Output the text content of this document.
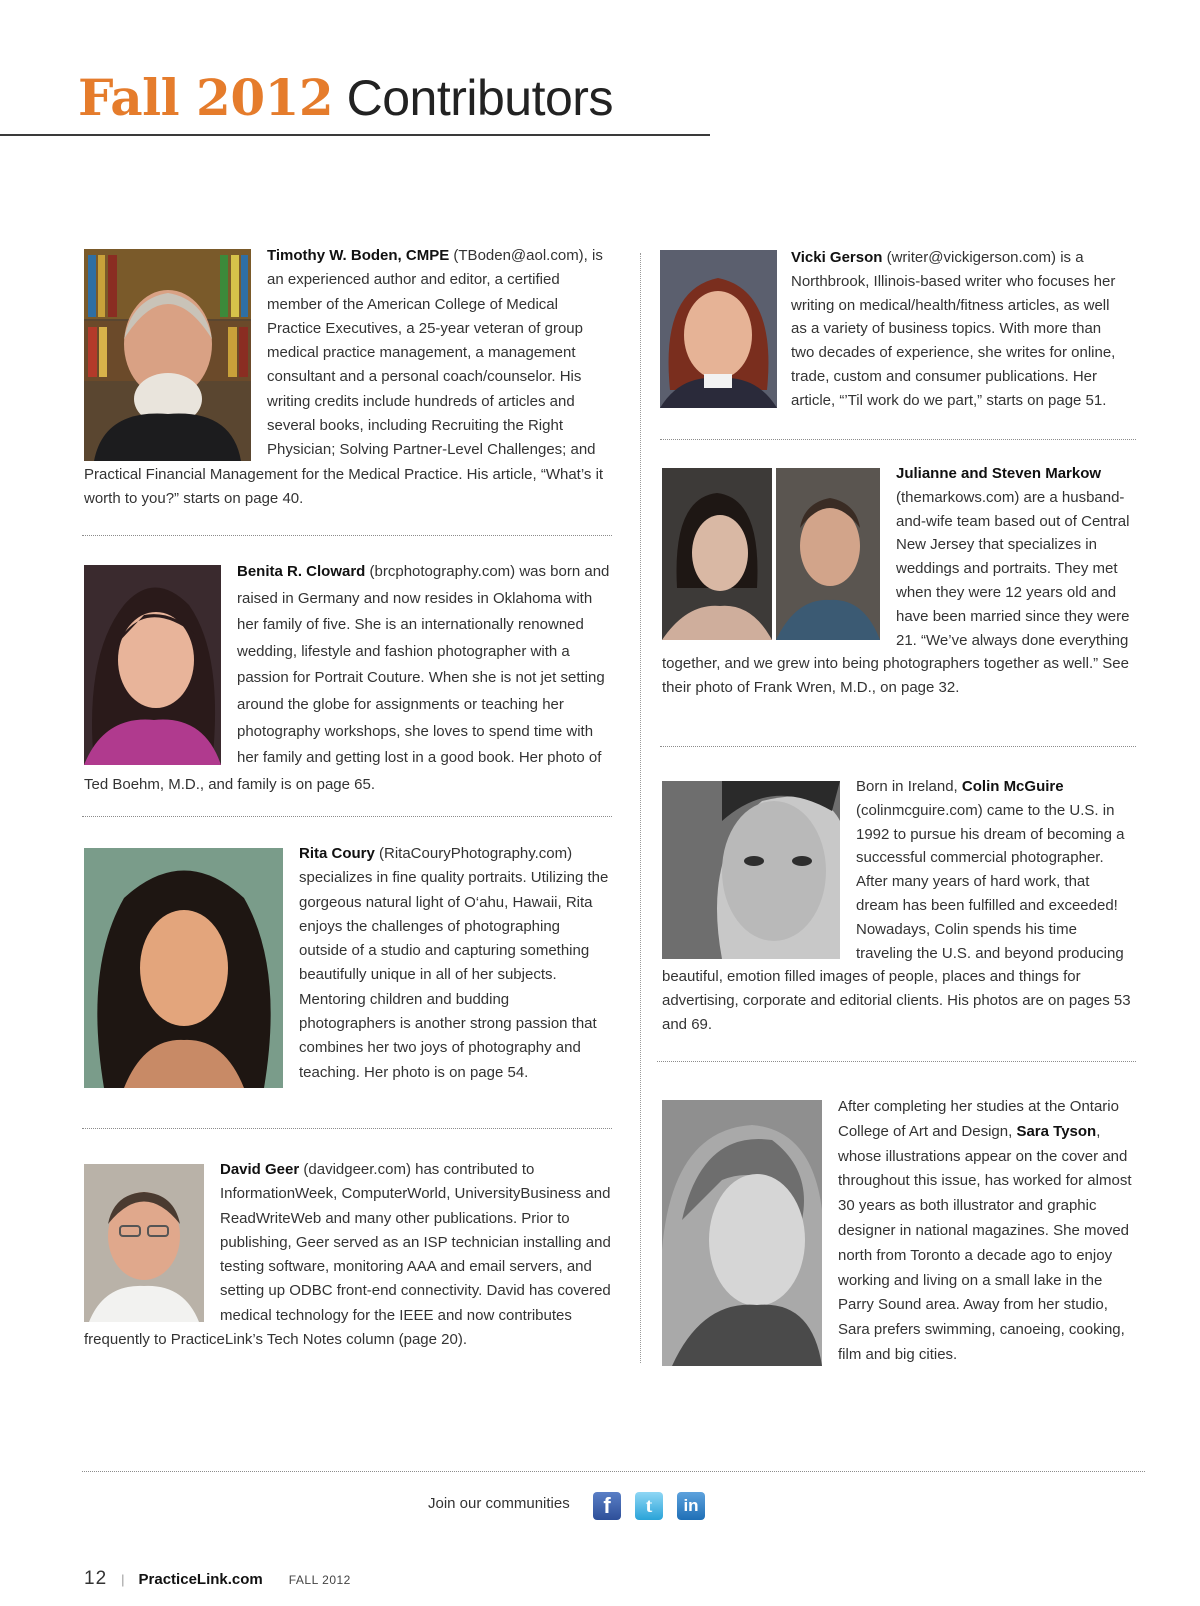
Fall 2012 Contributors

Timothy W. Boden, CMPE (TBoden@aol.com), is an experienced author and editor, a certified member of the American College of Medical Practice Executives, a 25-year veteran of group medical practice management, a management consultant and a personal coach/counselor. His writing credits include hundreds of articles and several books, including Recruiting the Right Physician; Solving Partner-Level Challenges; and Practical Financial Management for the Medical Practice. His article, “What’s it worth to you?” starts on page 40.

Benita R. Cloward (brcphotography.com) was born and raised in Germany and now resides in Oklahoma with her family of five. She is an internationally renowned wedding, lifestyle and fashion photographer with a passion for Portrait Couture. When she is not jet setting around the globe for assignments or teaching her photography workshops, she loves to spend time with her family and getting lost in a good book. Her photo of Ted Boehm, M.D., and family is on page 65.

Rita Coury (RitaCouryPhotography.com) specializes in fine quality portraits. Utilizing the gorgeous natural light of O‘ahu, Hawaii, Rita enjoys the challenges of photographing outside of a studio and capturing something beautifully unique in all of her subjects. Mentoring children and budding photographers is another strong passion that combines her two joys of photography and teaching. Her photo is on page 54.

David Geer (davidgeer.com) has contributed to InformationWeek, ComputerWorld, UniversityBusiness and ReadWriteWeb and many other publications. Prior to publishing, Geer served as an ISP technician installing and testing software, monitoring AAA and email servers, and setting up ODBC front-end connectivity. David has covered medical technology for the IEEE and now contributes frequently to PracticeLink’s Tech Notes column (page 20).

Vicki Gerson (writer@vickigerson.com) is a Northbrook, Illinois-based writer who focuses her writing on medical/health/fitness articles, as well as a variety of business topics. With more than two decades of experience, she writes for online, trade, custom and consumer publications. Her article, “’Til work do we part,” starts on page 51.

Julianne and Steven Markow (themarkows.com) are a husband-and-wife team based out of Central New Jersey that specializes in weddings and portraits. They met when they were 12 years old and have been married since they were 21. “We’ve always done everything together, and we grew into being photographers together as well.” See their photo of Frank Wren, M.D., on page 32.

Born in Ireland, Colin McGuire (colinmcguire.com) came to the U.S. in 1992 to pursue his dream of becoming a successful commercial photographer. After many years of hard work, that dream has been fulfilled and exceeded! Nowadays, Colin spends his time traveling the U.S. and beyond producing beautiful, emotion filled images of people, places and things for advertising, corporate and editorial clients. His photos are on pages 53 and 69.

After completing her studies at the Ontario College of Art and Design, Sara Tyson, whose illustrations appear on the cover and throughout this issue, has worked for almost 30 years as both illustrator and graphic designer in national magazines. She moved north from Toronto a decade ago to enjoy working and living on a small lake in the Parry Sound area. Away from her studio, Sara prefers swimming, canoeing, cooking, film and big cities.

Join our communities	f	t	in
12 | PracticeLink.com FALL 2012
